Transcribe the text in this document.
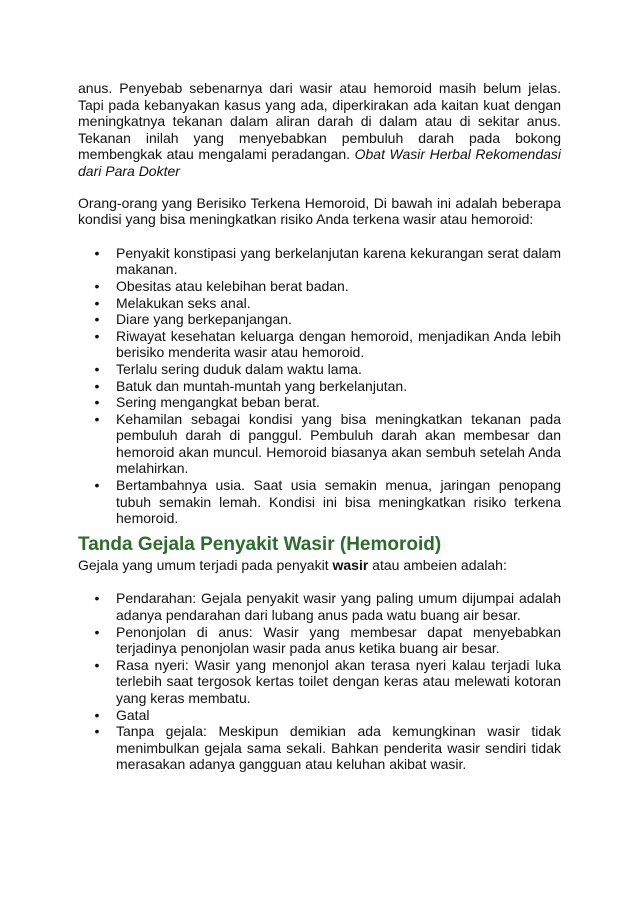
anus. Penyebab sebenarnya dari wasir atau hemoroid masih belum jelas. Tapi pada kebanyakan kasus yang ada, diperkirakan ada kaitan kuat dengan meningkatnya tekanan dalam aliran darah di dalam atau di sekitar anus. Tekanan inilah yang menyebabkan pembuluh darah pada bokong membengkak atau mengalami peradangan. Obat Wasir Herbal Rekomendasi dari Para Dokter

Orang-orang yang Berisiko Terkena Hemoroid, Di bawah ini adalah beberapa kondisi yang bisa meningkatkan risiko Anda terkena wasir atau hemoroid:

• Penyakit konstipasi yang berkelanjutan karena kekurangan serat dalam makanan.
• Obesitas atau kelebihan berat badan.
• Melakukan seks anal.
• Diare yang berkepanjangan.
• Riwayat kesehatan keluarga dengan hemoroid, menjadikan Anda lebih berisiko menderita wasir atau hemoroid.
• Terlalu sering duduk dalam waktu lama.
• Batuk dan muntah-muntah yang berkelanjutan.
• Sering mengangkat beban berat.
• Kehamilan sebagai kondisi yang bisa meningkatkan tekanan pada pembuluh darah di panggul. Pembuluh darah akan membesar dan hemoroid akan muncul. Hemoroid biasanya akan sembuh setelah Anda melahirkan.
• Bertambahnya usia. Saat usia semakin menua, jaringan penopang tubuh semakin lemah. Kondisi ini bisa meningkatkan risiko terkena hemoroid.
Tanda Gejala Penyakit Wasir (Hemoroid)

Gejala yang umum terjadi pada penyakit wasir atau ambeien adalah:

• Pendarahan: Gejala penyakit wasir yang paling umum dijumpai adalah adanya pendarahan dari lubang anus pada watu buang air besar.
• Penonjolan di anus: Wasir yang membesar dapat menyebabkan terjadinya penonjolan wasir pada anus ketika buang air besar.
• Rasa nyeri: Wasir yang menonjol akan terasa nyeri kalau terjadi luka terlebih saat tergosok kertas toilet dengan keras atau melewati kotoran yang keras membatu.
• Gatal
• Tanpa gejala: Meskipun demikian ada kemungkinan wasir tidak menimbulkan gejala sama sekali. Bahkan penderita wasir sendiri tidak merasakan adanya gangguan atau keluhan akibat wasir.
